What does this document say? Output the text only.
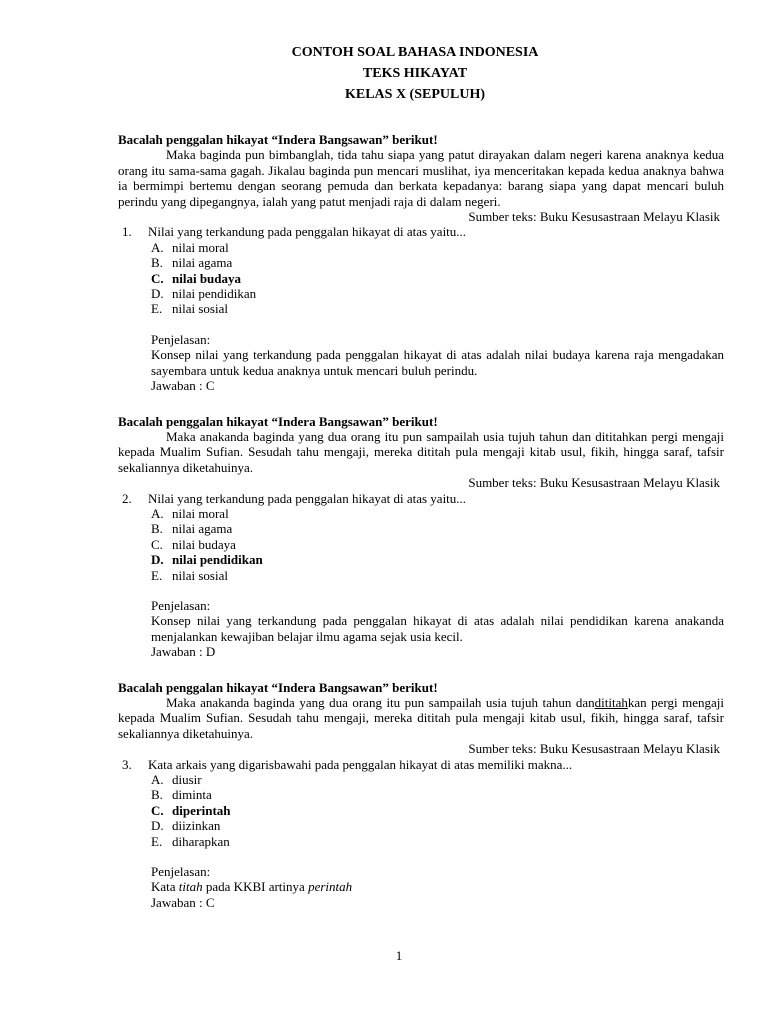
CONTOH SOAL BAHASA INDONESIA
TEKS HIKAYAT
KELAS X (SEPULUH)
Bacalah penggalan hikayat “Indera Bangsawan” berikut!

Maka baginda pun bimbanglah, tida tahu siapa yang patut dirayakan dalam negeri karena anaknya kedua orang itu sama-sama gagah. Jikalau baginda pun mencari muslihat, iya menceritakan kepada kedua anaknya bahwa ia bermimpi bertemu dengan seorang pemuda dan berkata kepadanya: barang siapa yang dapat mencari buluh perindu yang dipegangnya, ialah yang patut menjadi raja di dalam negeri.

Sumber teks: Buku Kesusastraan Melayu Klasik
1. Nilai yang terkandung pada penggalan hikayat di atas yaitu...
A. nilai moral
B. nilai agama
C. nilai budaya
D. nilai pendidikan
E. nilai sosial
Penjelasan:
Konsep nilai yang terkandung pada penggalan hikayat di atas adalah nilai budaya karena raja mengadakan sayembara untuk kedua anaknya untuk mencari buluh perindu.
Jawaban : C
Bacalah penggalan hikayat “Indera Bangsawan” berikut!

Maka anakanda baginda yang dua orang itu pun sampailah usia tujuh tahun dan dititahkan pergi mengaji kepada Mualim Sufian. Sesudah tahu mengaji, mereka dititah pula mengaji kitab usul, fikih, hingga saraf, tafsir sekaliannya diketahuinya.

Sumber teks: Buku Kesusastraan Melayu Klasik
2. Nilai yang terkandung pada penggalan hikayat di atas yaitu...
A. nilai moral
B. nilai agama
C. nilai budaya
D. nilai pendidikan
E. nilai sosial
Penjelasan:
Konsep nilai yang terkandung pada penggalan hikayat di atas adalah nilai pendidikan karena anakanda menjalankan kewajiban belajar ilmu agama sejak usia kecil.
Jawaban : D
Bacalah penggalan hikayat “Indera Bangsawan” berikut!

Maka anakanda baginda yang dua orang itu pun sampailah usia tujuh tahun dandititahkan pergi mengaji kepada Mualim Sufian. Sesudah tahu mengaji, mereka dititah pula mengaji kitab usul, fikih, hingga saraf, tafsir sekaliannya diketahuinya.

Sumber teks: Buku Kesusastraan Melayu Klasik
3. Kata arkais yang digarisbawahi pada penggalan hikayat di atas memiliki makna...
A. diusir
B. diminta
C. diperintah
D. diizinkan
E. diharapkan
Penjelasan:
Kata titah pada KKBI artinya perintah
Jawaban : C
1
